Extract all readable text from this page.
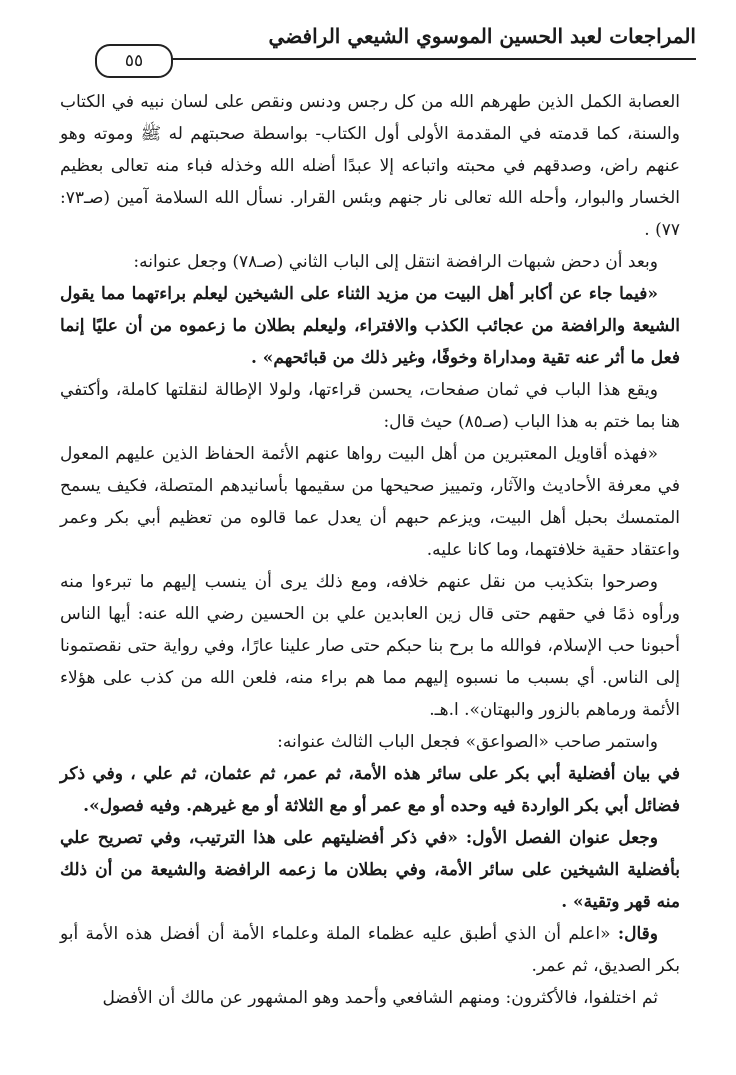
المراجعات لعبد الحسين الموسوي الشيعي الرافضي
٥٥

العصابة الكمل الذين طهرهم الله من كل رجس ودنس ونقص على لسان نبيه في الكتاب والسنة، كما قدمته في المقدمة الأولى أول الكتاب- بواسطة صحبتهم له ﷺ وموته وهو عنهم راض، وصدقهم في محبته واتباعه إلا عبدًا أضله الله وخذله فباء منه تعالى بعظيم الخسار والبوار، وأحله الله تعالى نار جنهم وبئس القرار. نسأل الله السلامة آمين (صـ٧٣: ٧٧) .

وبعد أن دحض شبهات الرافضة انتقل إلى الباب الثاني (صـ٧٨) وجعل عنوانه:

«فيما جاء عن أكابر أهل البيت من مزيد الثناء على الشيخين ليعلم براءتهما مما يقول الشيعة والرافضة من عجائب الكذب والافتراء، وليعلم بطلان ما زعموه من أن عليًا إنما فعل ما أثر عنه تقية ومداراة وخوفًا، وغير ذلك من قبائحهم» .

ويقع هذا الباب في ثمان صفحات، يحسن قراءتها، ولولا الإطالة لنقلتها كاملة، وأكتفي هنا بما ختم به هذا الباب (صـ٨٥) حيث قال:

«فهذه أقاويل المعتبرين من أهل البيت رواها عنهم الأئمة الحفاظ الذين عليهم المعول في معرفة الأحاديث والآثار، وتمييز صحيحها من سقيمها بأسانيدهم المتصلة، فكيف يسمح المتمسك بحبل أهل البيت، ويزعم حبهم أن يعدل عما قالوه من تعظيم أبي بكر وعمر واعتقاد حقية خلافتهما، وما كانا عليه.

وصرحوا بتكذيب من نقل عنهم خلافه، ومع ذلك يرى أن ينسب إليهم ما تبرءوا منه ورأوه ذمًا في حقهم حتى قال زين العابدين علي بن الحسين رضي الله عنه: أيها الناس أحبونا حب الإسلام، فوالله ما برح بنا حبكم حتى صار علينا عارًا، وفي رواية حتى نقصتمونا إلى الناس. أي بسبب ما نسبوه إليهم مما هم براء منه، فلعن الله من كذب على هؤلاء الأئمة ورماهم بالزور والبهتان». ا.هـ.

واستمر صاحب «الصواعق» فجعل الباب الثالث عنوانه:

في بيان أفضلية أبي بكر على سائر هذه الأمة، ثم عمر، ثم عثمان، ثم علي ، وفي ذكر فضائل أبي بكر الواردة فيه وحده أو مع عمر أو مع الثلاثة أو مع غيرهم. وفيه فصول».

وجعل عنوان الفصل الأول: «في ذكر أفضليتهم على هذا الترتيب، وفي تصريح علي بأفضلية الشيخين على سائر الأمة، وفي بطلان ما زعمه الرافضة والشيعة من أن ذلك منه قهر وتقية» .

وقال: «اعلم أن الذي أطبق عليه عظماء الملة وعلماء الأمة أن أفضل هذه الأمة أبو بكر الصديق، ثم عمر.

ثم اختلفوا، فالأكثرون: ومنهم الشافعي وأحمد وهو المشهور عن مالك أن الأفضل
